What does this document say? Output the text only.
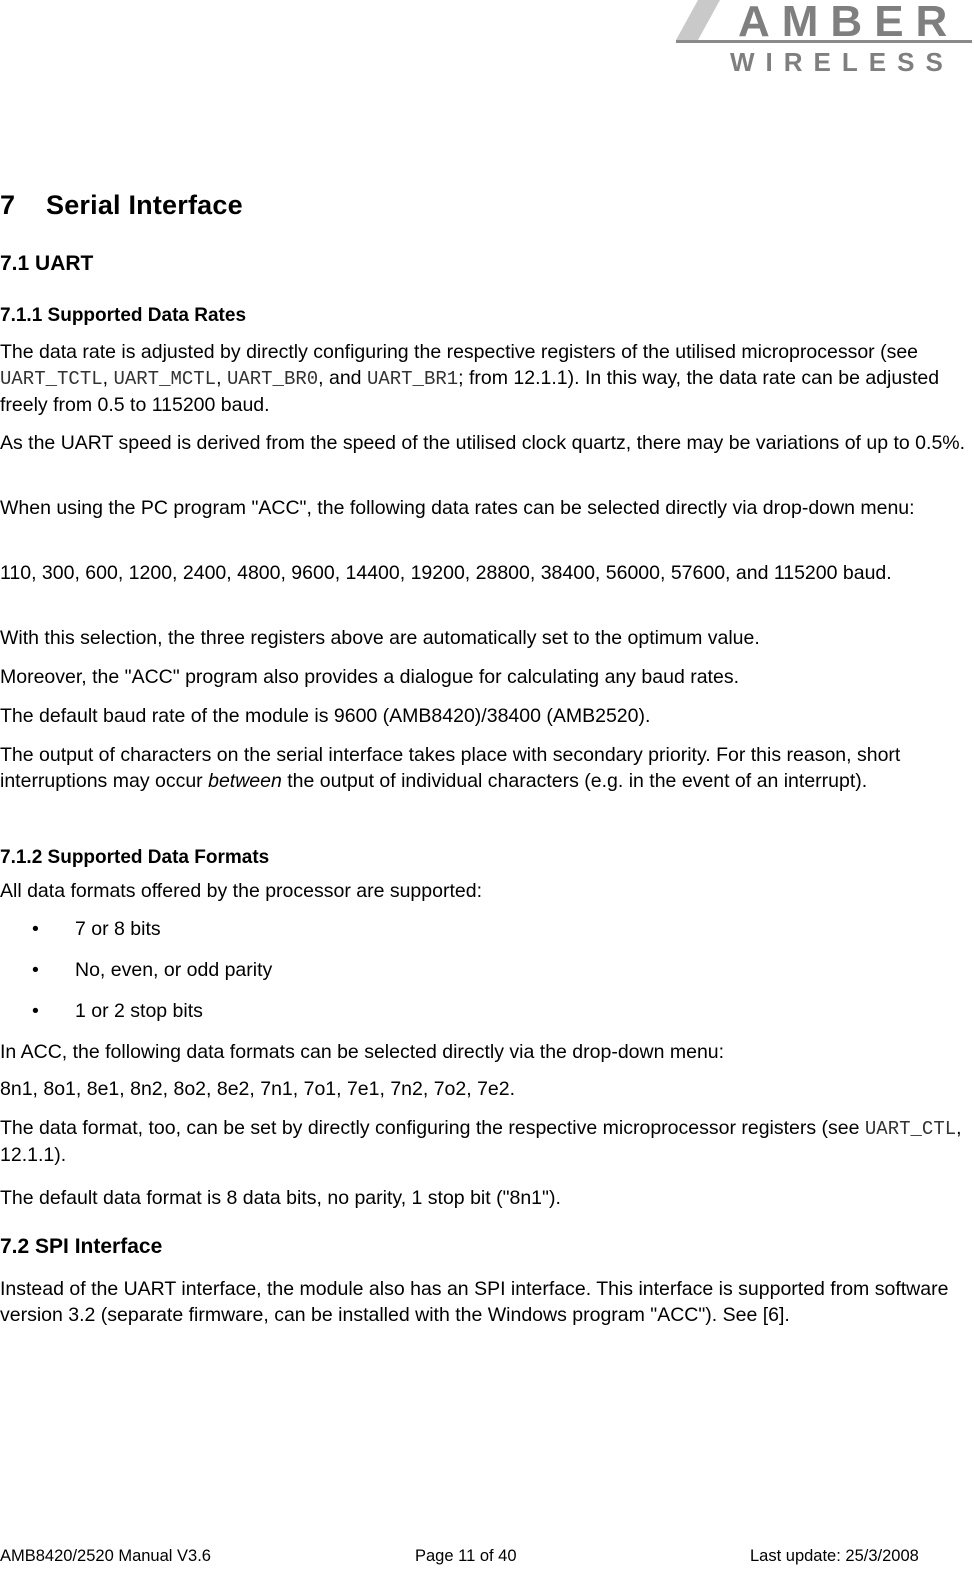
AMBER
WIRELESS
7 Serial Interface
7.1 UART
7.1.1 Supported Data Rates

The data rate is adjusted by directly configuring the respective registers of the utilised microprocessor (see UART_TCTL, UART_MCTL, UART_BR0, and UART_BR1; from 12.1.1). In this way, the data rate can be adjusted freely from 0.5 to 115200 baud.

As the UART speed is derived from the speed of the utilised clock quartz, there may be variations of up to 0.5%.

When using the PC program "ACC", the following data rates can be selected directly via drop-down menu:

110, 300, 600, 1200, 2400, 4800, 9600, 14400, 19200, 28800, 38400, 56000, 57600, and 115200 baud.

With this selection, the three registers above are automatically set to the optimum value.

Moreover, the "ACC" program also provides a dialogue for calculating any baud rates.

The default baud rate of the module is 9600 (AMB8420)/38400 (AMB2520).

The output of characters on the serial interface takes place with secondary priority. For this reason, short interruptions may occur between the output of individual characters (e.g. in the event of an interrupt).

7.1.2 Supported Data Formats

All data formats offered by the processor are supported:

• 7 or 8 bits
• No, even, or odd parity
• 1 or 2 stop bits

In ACC, the following data formats can be selected directly via the drop-down menu:

8n1, 8o1, 8e1, 8n2, 8o2, 8e2, 7n1, 7o1, 7e1, 7n2, 7o2, 7e2.

The data format, too, can be set by directly configuring the respective microprocessor registers (see UART_CTL, 12.1.1).

The default data format is 8 data bits, no parity, 1 stop bit ("8n1").

7.2 SPI Interface

Instead of the UART interface, the module also has an SPI interface. This interface is supported from software version 3.2 (separate firmware, can be installed with the Windows program "ACC"). See [6].

AMB8420/2520 Manual V3.6	Page 11 of 40	Last update: 25/3/2008
